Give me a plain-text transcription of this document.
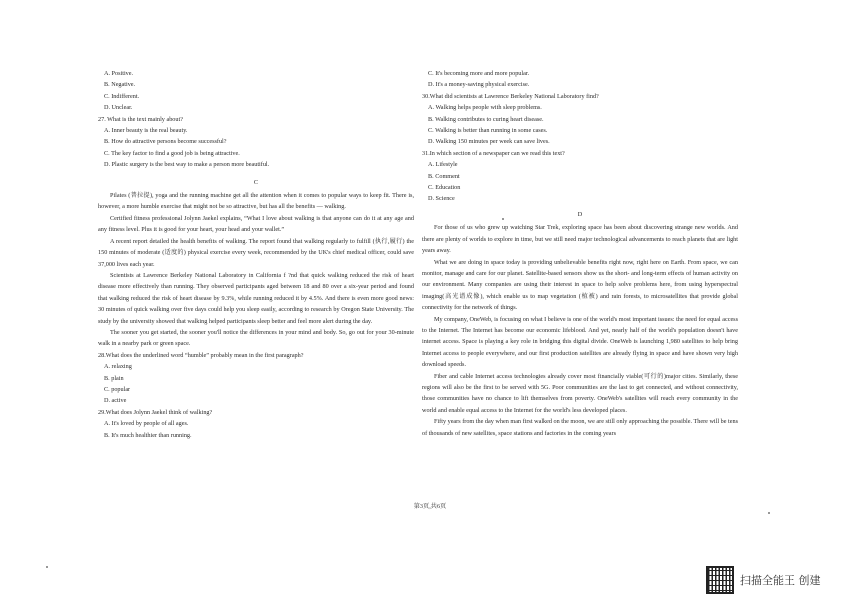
A. Positive.
B. Negative.
C. Indifferent.
D. Unclear.
27. What is the text mainly about?
A. Inner beauty is the real beauty.
B. How do attractive persons become successful?
C. The key factor to find a good job is being attractive.
D. Plastic surgery is the best way to make a person more beautiful.
C

Pilates (普拉提), yoga and the running machine get all the attention when it comes to popular ways to keep fit. There is, however, a more humble exercise that might not be so attractive, but has all the benefits — walking.

Certified fitness professional Jolynn Jaekel explains, “What I love about walking is that anyone can do it at any age and any fitness level. Plus it is good for your heart, your head and your wallet.”

A recent report detailed the health benefits of walking. The report found that walking regularly to fulfill (执行,履行) the 150 minutes of moderate (适度的) physical exercise every week, recommended by the UK's chief medical officer, could save 37,000 lives each year.

Scientists at Lawrence Berkeley National Laboratory in California f ?nd that quick walking reduced the risk of heart disease more effectively than running. They observed participants aged between 18 and 80 over a six-year period and found that walking reduced the risk of heart disease by 9.3%, while running reduced it by 4.5%. And there is even more good news: 30 minutes of quick walking over five days could help you sleep easily, according to research by Oregon State University. The study by the university showed that walking helped participants sleep better and feel more alert during the day.

The sooner you get started, the sooner you'll notice the differences in your mind and body. So, go out for your 30-minute walk in a nearby park or green space.

28.What does the underlined word “humble” probably mean in the first paragraph?
A. relaxing
B. plain
C. popular
D. active
29.What does Jolynn Jaekel think of walking?
A. It's loved by people of all ages.
B. It's much healthier than running.
C. It's becoming more and more popular.
D. It's a money-saving physical exercise.
30.What did scientists at Lawrence Berkeley National Laboratory find?
A. Walking helps people with sleep problems.
B. Walking contributes to curing heart disease.
C. Walking is better than running in some cases.
D. Walking 150 minutes per week can save lives.
31.In which section of a newspaper can we read this text?
A. Lifestyle
B. Comment
C. Education
D. Science
D

For those of us who grew up watching Star Trek, exploring space has been about discovering strange new worlds. And there are plenty of worlds to explore in time, but we still need major technological advancements to reach planets that are light years away.

What we are doing in space today is providing unbelievable benefits right now, right here on Earth. From space, we can monitor, manage and care for our planet. Satellite-based sensors show us the short- and long-term effects of human activity on our environment. Many companies are using their interest in space to help solve problems here, from using hyperspectral imaging(高光谱成像), which enable us to map vegetation (植被) and rain forests, to microsatellites that provide global connectivity for the network of things.

My company, OneWeb, is focusing on what I believe is one of the world's most important issues: the need for equal access to the Internet. The Internet has become our economic lifeblood. And yet, nearly half of the world's population doesn't have internet access. Space is playing a key role in bridging this digital divide. OneWeb is launching 1,980 satellites to help bring Internet access to people everywhere, and our first production satellites are already flying in space and have shown very high download speeds.

Fiber and cable Internet access technologies already cover most financially viable(可行的)major cities. Similarly, these regions will also be the first to be served with 5G. Poor communities are the last to get connected, and without connectivity, those communities have no chance to lift themselves from poverty. OneWeb's satellites will reach every community in the world and enable equal access to the Internet for the world's less developed places.

Fifty years from the day when man first walked on the moon, we are still only approaching the possible. There will be tens of thousands of new satellites, space stations and factories in the coming years

第3页,共6页
扫描全能王 创建
